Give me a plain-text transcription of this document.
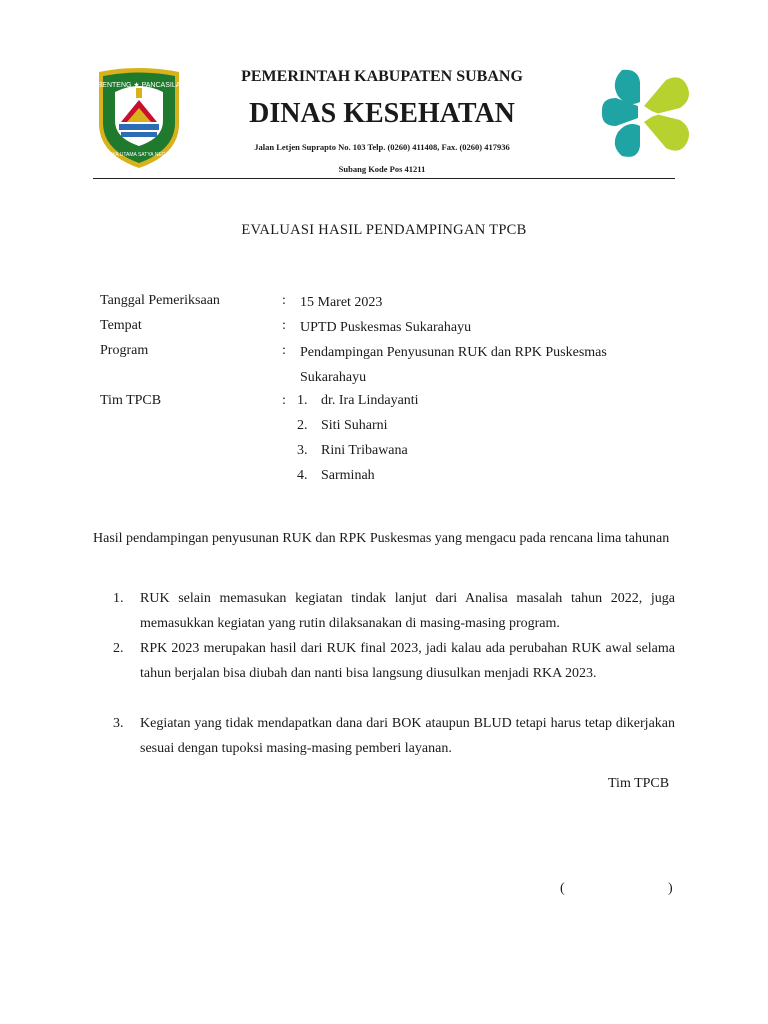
BENTENG ★ PANCASILA
KARYA UTAMA SATYA NEGARA
PEMERINTAH KABUPATEN SUBANG
DINAS KESEHATAN
Jalan Letjen Suprapto No. 103 Telp. (0260) 411408, Fax. (0260) 417936
Subang Kode Pos 41211
EVALUASI HASIL PENDAMPINGAN TPCB
Tanggal Pemeriksaan	: 15 Maret 2023
Tempat	: UPTD Puskesmas Sukarahayu
Program	: Pendampingan Penyusunan RUK dan RPK Puskesmas
Sukarahayu
Tim TPCB	: 1. dr. Ira Lindayanti
2. Siti Suharni
3. Rini Tribawana
4. Sarminah
Hasil pendampingan penyusunan RUK dan RPK Puskesmas yang mengacu pada rencana lima tahunan
1. RUK selain memasukan kegiatan tindak lanjut dari Analisa masalah tahun 2022, juga memasukkan kegiatan yang rutin dilaksanakan di masing-masing program.
2. RPK 2023 merupakan hasil dari RUK final 2023, jadi kalau ada perubahan RUK awal selama tahun berjalan bisa diubah dan nanti bisa langsung diusulkan menjadi RKA 2023.
3. Kegiatan yang tidak mendapatkan dana dari BOK ataupun BLUD tetapi harus tetap dikerjakan sesuai dengan tupoksi masing-masing pemberi layanan.
Tim TPCB
(	)
